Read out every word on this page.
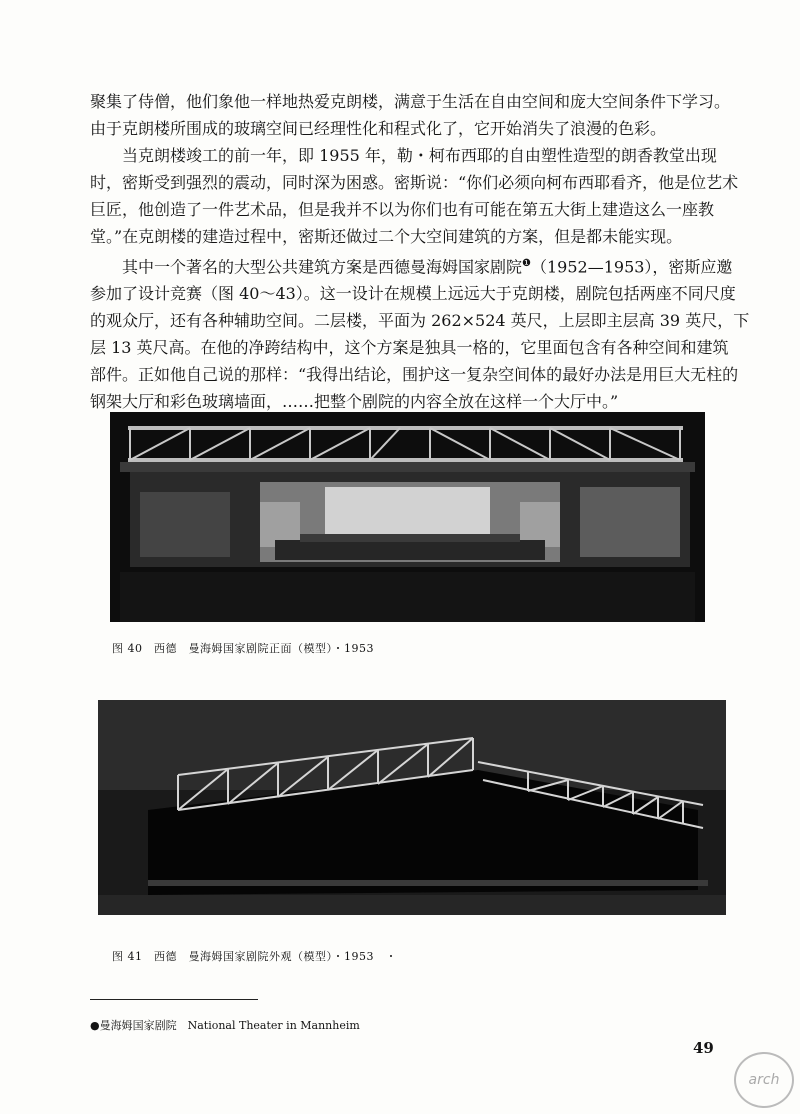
聚集了侍僧，他们象他一样地热爱克朗楼，满意于生活在自由空间和庞大空间条件下学习。
由于克朗楼所围成的玻璃空间已经理性化和程式化了，它开始消失了浪漫的色彩。
当克朗楼竣工的前一年，即 1955 年，勒・柯布西耶的自由塑性造型的朗香教堂出现
时，密斯受到强烈的震动，同时深为困惑。密斯说：“你们必须向柯布西耶看齐，他是位艺术
巨匠，他创造了一件艺术品，但是我并不以为你们也有可能在第五大街上建造这么一座教
堂。”在克朗楼的建造过程中，密斯还做过二个大空间建筑的方案，但是都未能实现。
其中一个著名的大型公共建筑方案是西德曼海姆国家剧院$^❶$（1952—1953），密斯应邀
参加了设计竞赛（图 40～43）。这一设计在规模上远远大于克朗楼，剧院包括两座不同尺度
的观众厅，还有各种辅助空间。二层楼，平面为 262×524 英尺，上层即主层高 39 英尺，下
层 13 英尺高。在他的净跨结构中，这个方案是独具一格的，它里面包含有各种空间和建筑
部件。正如他自己说的那样：“我得出结论，围护这一复杂空间体的最好办法是用巨大无柱的
钢架大厅和彩色玻璃墙面，……把整个剧院的内容全放在这样一个大厅中。”
图 40　西德　曼海姆国家剧院正面（模型）・1953
图 41　西德　曼海姆国家剧院外观（模型）・1953　・
●曼海姆国家剧院　National Theater in Mannheim
49
arch
